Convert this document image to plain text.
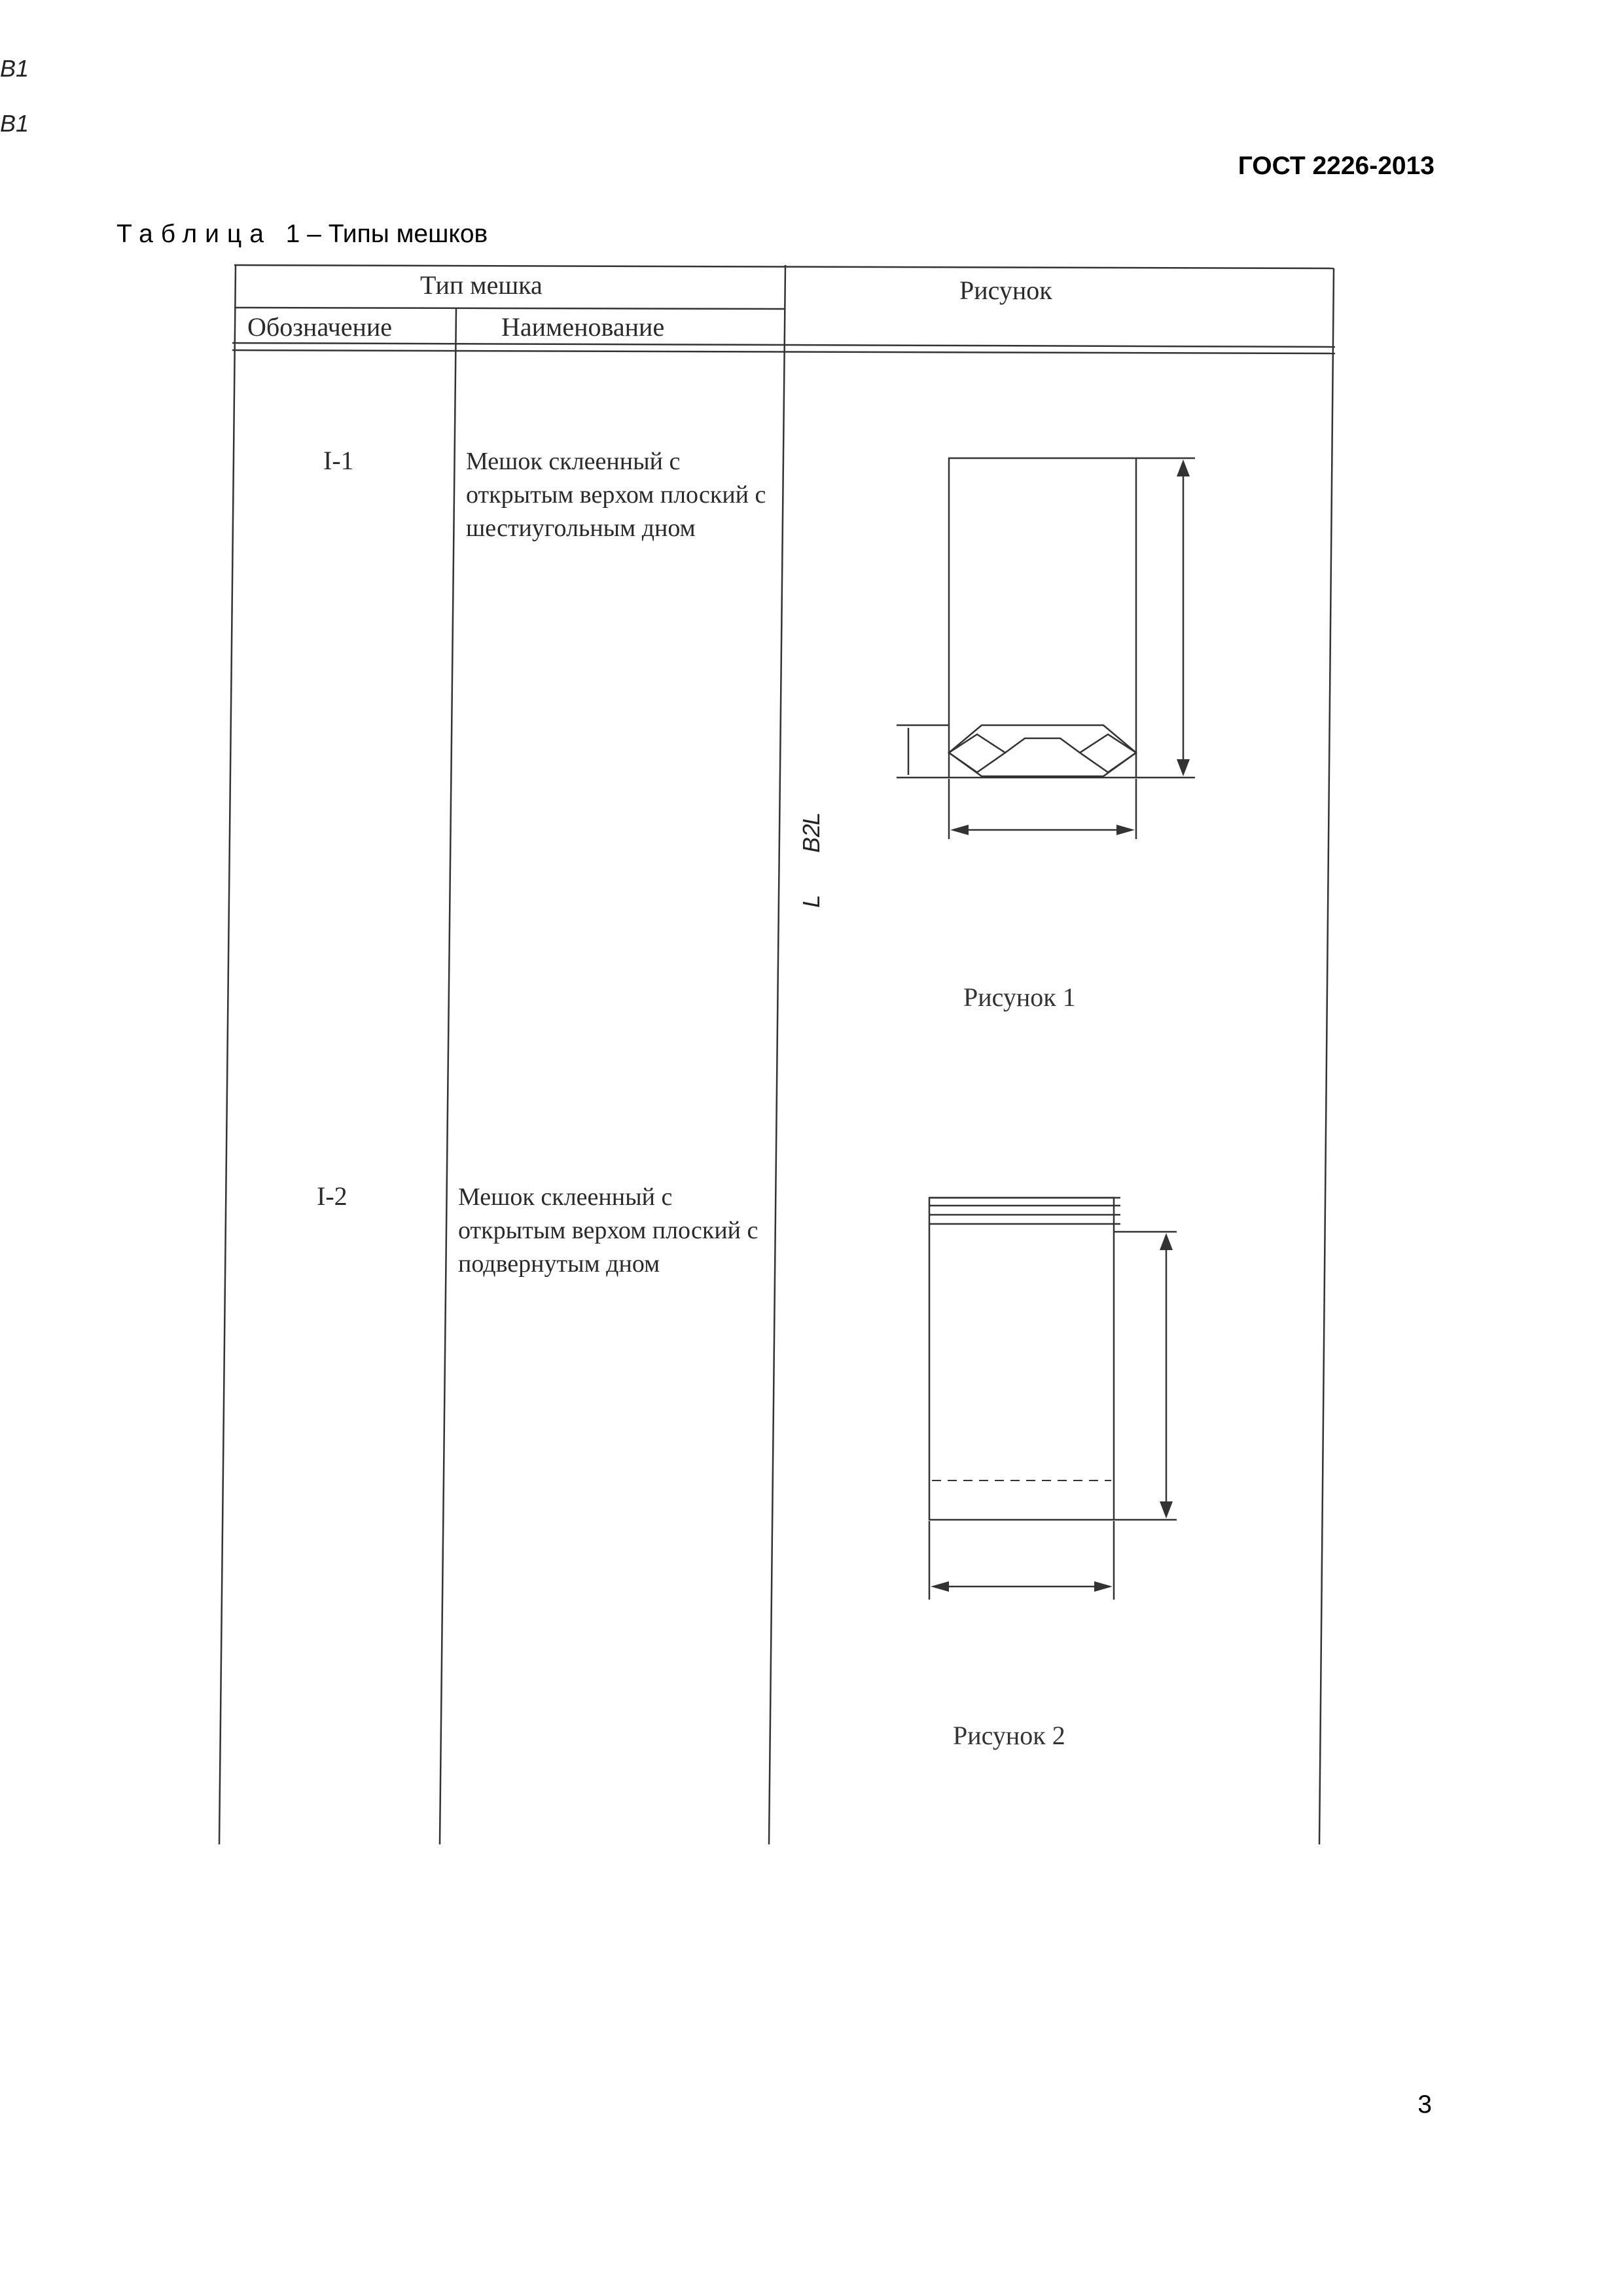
ГОСТ 2226-2013
Таблица 1 – Типы мешков
Тип мешка
Обозначение	Наименование
Рисунок
I-1	Мешок склеенный с открытым верхом плоский с шестиугольным дном
L
B2
B1
Рисунок 1
I-2	Мешок склеенный с открытым верхом плоский с подвернутым дном
L
B1
Рисунок 2
3
